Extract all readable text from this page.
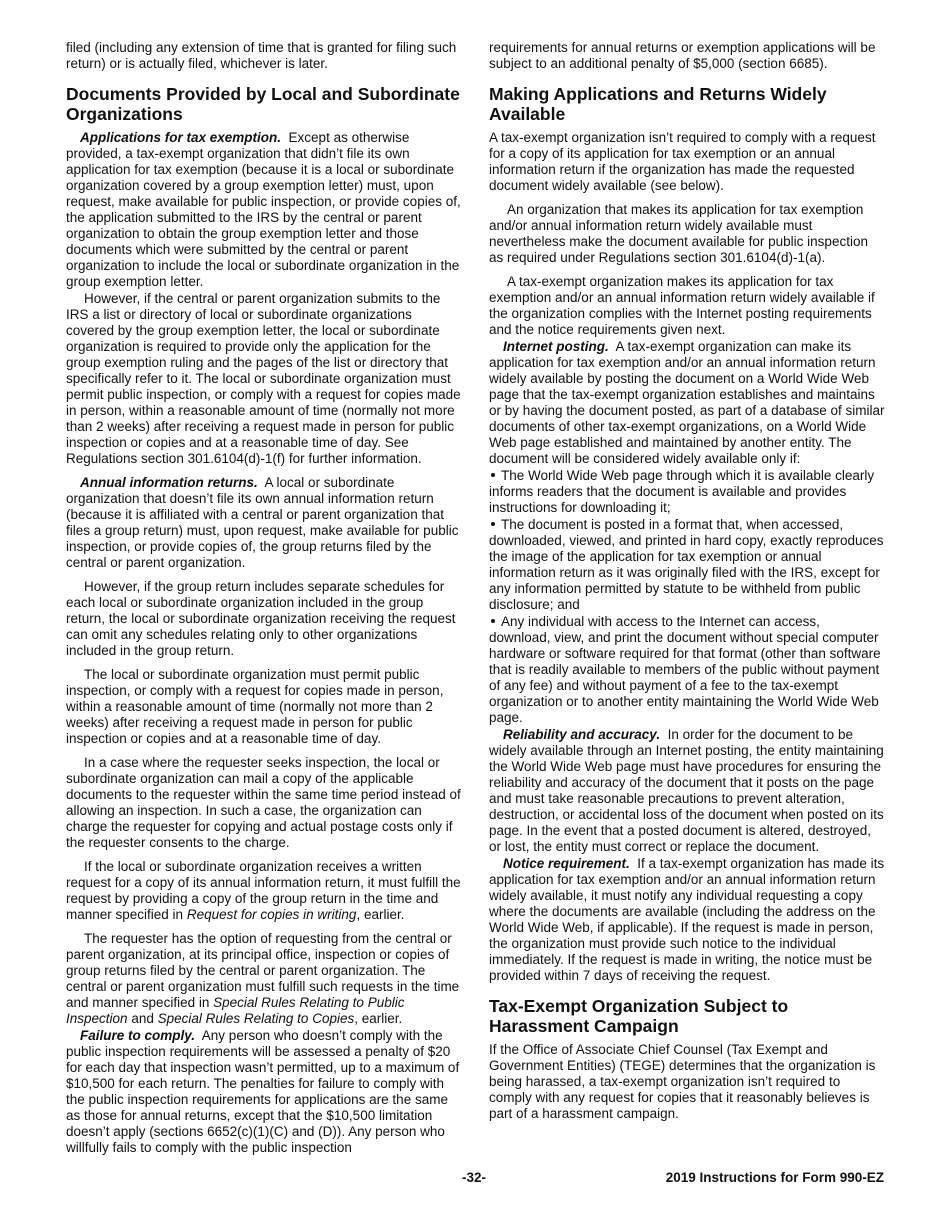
filed (including any extension of time that is granted for filing such return) or is actually filed, whichever is later.

Documents Provided by Local and Subordinate Organizations

Applications for tax exemption. Except as otherwise provided, a tax-exempt organization that didn’t file its own application for tax exemption (because it is a local or subordinate organization covered by a group exemption letter) must, upon request, make available for public inspection, or provide copies of, the application submitted to the IRS by the central or parent organization to obtain the group exemption letter and those documents which were submitted by the central or parent organization to include the local or subordinate organization in the group exemption letter.

However, if the central or parent organization submits to the IRS a list or directory of local or subordinate organizations covered by the group exemption letter, the local or subordinate organization is required to provide only the application for the group exemption ruling and the pages of the list or directory that specifically refer to it. The local or subordinate organization must permit public inspection, or comply with a request for copies made in person, within a reasonable amount of time (normally not more than 2 weeks) after receiving a request made in person for public inspection or copies and at a reasonable time of day. See Regulations section 301.6104(d)-1(f) for further information.

Annual information returns. A local or subordinate organization that doesn’t file its own annual information return (because it is affiliated with a central or parent organization that files a group return) must, upon request, make available for public inspection, or provide copies of, the group returns filed by the central or parent organization.

However, if the group return includes separate schedules for each local or subordinate organization included in the group return, the local or subordinate organization receiving the request can omit any schedules relating only to other organizations included in the group return.

The local or subordinate organization must permit public inspection, or comply with a request for copies made in person, within a reasonable amount of time (normally not more than 2 weeks) after receiving a request made in person for public inspection or copies and at a reasonable time of day.

In a case where the requester seeks inspection, the local or subordinate organization can mail a copy of the applicable documents to the requester within the same time period instead of allowing an inspection. In such a case, the organization can charge the requester for copying and actual postage costs only if the requester consents to the charge.

If the local or subordinate organization receives a written request for a copy of its annual information return, it must fulfill the request by providing a copy of the group return in the time and manner specified in Request for copies in writing, earlier.

The requester has the option of requesting from the central or parent organization, at its principal office, inspection or copies of group returns filed by the central or parent organization. The central or parent organization must fulfill such requests in the time and manner specified in Special Rules Relating to Public Inspection and Special Rules Relating to Copies, earlier.

Failure to comply. Any person who doesn’t comply with the public inspection requirements will be assessed a penalty of $20 for each day that inspection wasn’t permitted, up to a maximum of $10,500 for each return. The penalties for failure to comply with the public inspection requirements for applications are the same as those for annual returns, except that the $10,500 limitation doesn’t apply (sections 6652(c)(1)(C) and (D)). Any person who willfully fails to comply with the public inspection

requirements for annual returns or exemption applications will be subject to an additional penalty of $5,000 (section 6685).

Making Applications and Returns Widely Available

A tax-exempt organization isn’t required to comply with a request for a copy of its application for tax exemption or an annual information return if the organization has made the requested document widely available (see below).

An organization that makes its application for tax exemption and/or annual information return widely available must nevertheless make the document available for public inspection as required under Regulations section 301.6104(d)-1(a).

A tax-exempt organization makes its application for tax exemption and/or an annual information return widely available if the organization complies with the Internet posting requirements and the notice requirements given next.

Internet posting. A tax-exempt organization can make its application for tax exemption and/or an annual information return widely available by posting the document on a World Wide Web page that the tax-exempt organization establishes and maintains or by having the document posted, as part of a database of similar documents of other tax-exempt organizations, on a World Wide Web page established and maintained by another entity. The document will be considered widely available only if:

The World Wide Web page through which it is available clearly informs readers that the document is available and provides instructions for downloading it;

The document is posted in a format that, when accessed, downloaded, viewed, and printed in hard copy, exactly reproduces the image of the application for tax exemption or annual information return as it was originally filed with the IRS, except for any information permitted by statute to be withheld from public disclosure; and

Any individual with access to the Internet can access, download, view, and print the document without special computer hardware or software required for that format (other than software that is readily available to members of the public without payment of any fee) and without payment of a fee to the tax-exempt organization or to another entity maintaining the World Wide Web page.

Reliability and accuracy. In order for the document to be widely available through an Internet posting, the entity maintaining the World Wide Web page must have procedures for ensuring the reliability and accuracy of the document that it posts on the page and must take reasonable precautions to prevent alteration, destruction, or accidental loss of the document when posted on its page. In the event that a posted document is altered, destroyed, or lost, the entity must correct or replace the document.

Notice requirement. If a tax-exempt organization has made its application for tax exemption and/or an annual information return widely available, it must notify any individual requesting a copy where the documents are available (including the address on the World Wide Web, if applicable). If the request is made in person, the organization must provide such notice to the individual immediately. If the request is made in writing, the notice must be provided within 7 days of receiving the request.

Tax-Exempt Organization Subject to Harassment Campaign

If the Office of Associate Chief Counsel (Tax Exempt and Government Entities) (TEGE) determines that the organization is being harassed, a tax-exempt organization isn’t required to comply with any request for copies that it reasonably believes is part of a harassment campaign.

-32-	2019 Instructions for Form 990-EZ
